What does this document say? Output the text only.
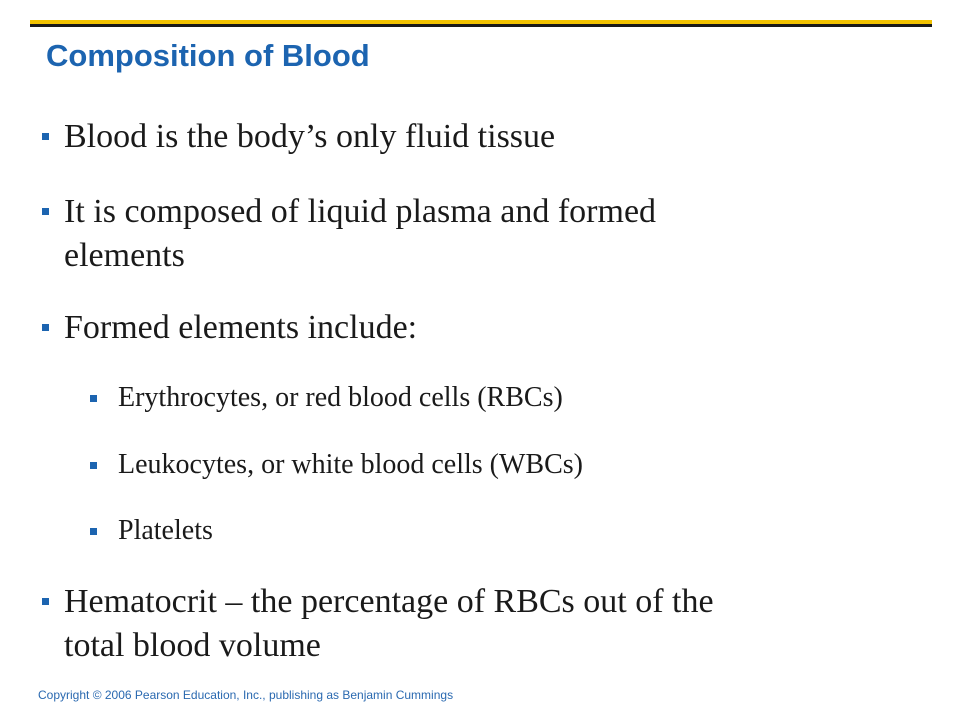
Composition of Blood
Blood is the body’s only fluid tissue
It is composed of liquid plasma and formed
elements
Formed elements include:
Erythrocytes, or red blood cells (RBCs)
Leukocytes, or white blood cells (WBCs)
Platelets
Hematocrit – the percentage of RBCs out of the
total blood volume
Copyright © 2006 Pearson Education, Inc., publishing as Benjamin Cummings
